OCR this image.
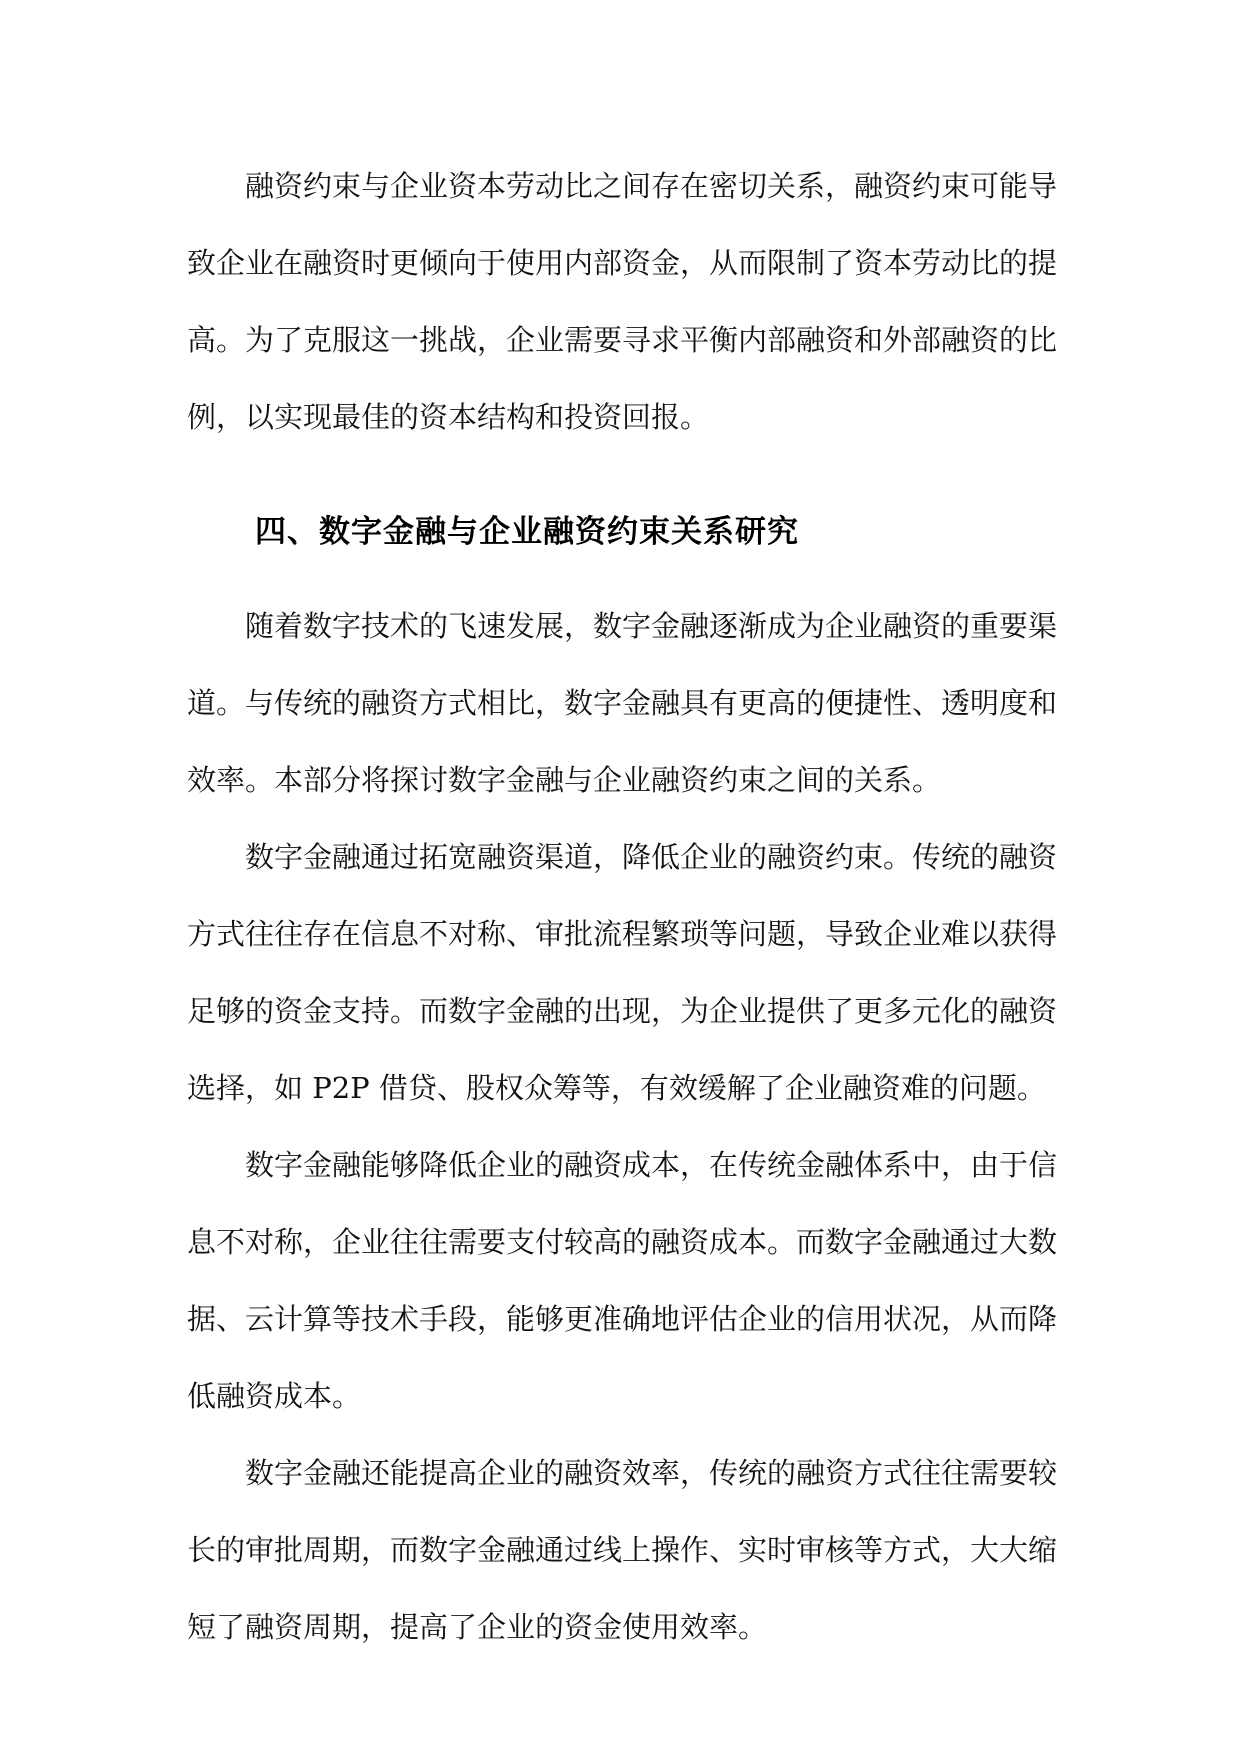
融资约束与企业资本劳动比之间存在密切关系，融资约束可能导致企业在融资时更倾向于使用内部资金，从而限制了资本劳动比的提高。为了克服这一挑战，企业需要寻求平衡内部融资和外部融资的比例，以实现最佳的资本结构和投资回报。

四、数字金融与企业融资约束关系研究

随着数字技术的飞速发展，数字金融逐渐成为企业融资的重要渠道。与传统的融资方式相比，数字金融具有更高的便捷性、透明度和效率。本部分将探讨数字金融与企业融资约束之间的关系。

数字金融通过拓宽融资渠道，降低企业的融资约束。传统的融资方式往往存在信息不对称、审批流程繁琐等问题，导致企业难以获得足够的资金支持。而数字金融的出现，为企业提供了更多元化的融资选择，如 P2P 借贷、股权众筹等，有效缓解了企业融资难的问题。

数字金融能够降低企业的融资成本，在传统金融体系中，由于信息不对称，企业往往需要支付较高的融资成本。而数字金融通过大数据、云计算等技术手段，能够更准确地评估企业的信用状况，从而降低融资成本。

数字金融还能提高企业的融资效率，传统的融资方式往往需要较长的审批周期，而数字金融通过线上操作、实时审核等方式，大大缩短了融资周期，提高了企业的资金使用效率。
